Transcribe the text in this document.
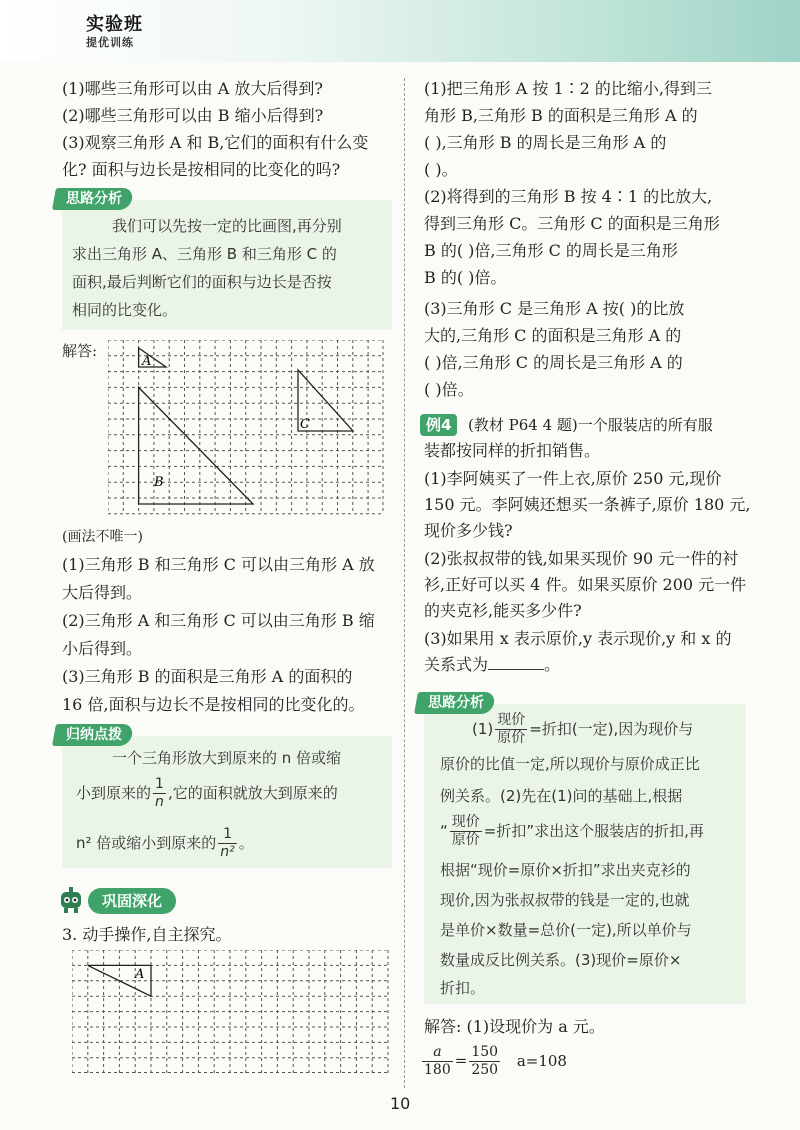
实验班
提优训练
(1)哪些三角形可以由 A 放大后得到?
(2)哪些三角形可以由 B 缩小后得到?
(3)观察三角形 A 和 B,它们的面积有什么变
化? 面积与边长是按相同的比变化的吗?
思路分析
我们可以先按一定的比画图,再分别
求出三角形 A、三角形 B 和三角形 C 的
面积,最后判断它们的面积与边长是否按
相同的比变化。
解答:
A
B
C
(画法不唯一)
(1)三角形 B 和三角形 C 可以由三角形 A 放
大后得到。
(2)三角形 A 和三角形 C 可以由三角形 B 缩
小后得到。
(3)三角形 B 的面积是三角形 A 的面积的
16 倍,面积与边长不是按相同的比变化的。
归纳点拨
一个三角形放大到原来的 n 倍或缩
小到原来的 $\frac{1}{n}$ ,它的面积就放大到原来的
n² 倍或缩小到原来的 $\frac{1}{\text{n²}}$ 。
巩固深化
3. 动手操作,自主探究。
A
(1)把三角形 A 按 1∶2 的比缩小,得到三
角形 B,三角形 B 的面积是三角形 A 的
( ),三角形 B 的周长是三角形 A 的
( )。
(2)将得到的三角形 B 按 4∶1 的比放大,
得到三角形 C。三角形 C 的面积是三角形
B 的( )倍,三角形 C 的周长是三角形
B 的( )倍。
(3)三角形 C 是三角形 A 按( )的比放
大的,三角形 C 的面积是三角形 A 的
( )倍,三角形 C 的周长是三角形 A 的
( )倍。
例4	(教材 P64 4 题)一个服装店的所有服
装都按同样的折扣销售。
(1)李阿姨买了一件上衣,原价 250 元,现价
150 元。李阿姨还想买一条裤子,原价 180 元,
现价多少钱?
(2)张叔叔带的钱,如果买现价 90 元一件的衬
衫,正好可以买 4 件。如果买原价 200 元一件
的夹克衫,能买多少件?
(3)如果用 x 表示原价,y 表示现价,y 和 x 的
关系式为	。
思路分析
$(1) \frac{\text{现价}}{\text{原价}}$ =折扣(一定),因为现价与
原价的比值一定,所以现价与原价成正比
例关系。(2)先在(1)问的基础上,根据
“ $\frac{\text{现价}}{\text{原价}}$ =折扣”求出这个服装店的折扣,再
根据“现价=原价×折扣”求出夹克衫的
现价,因为张叔叔带的钱是一定的,也就
是单价×数量=总价(一定),所以单价与
数量成反比例关系。(3)现价=原价×
折扣。
解答: (1)设现价为 a 元。
$\frac{a}{180} = \frac{150}{250} a=108$
10
